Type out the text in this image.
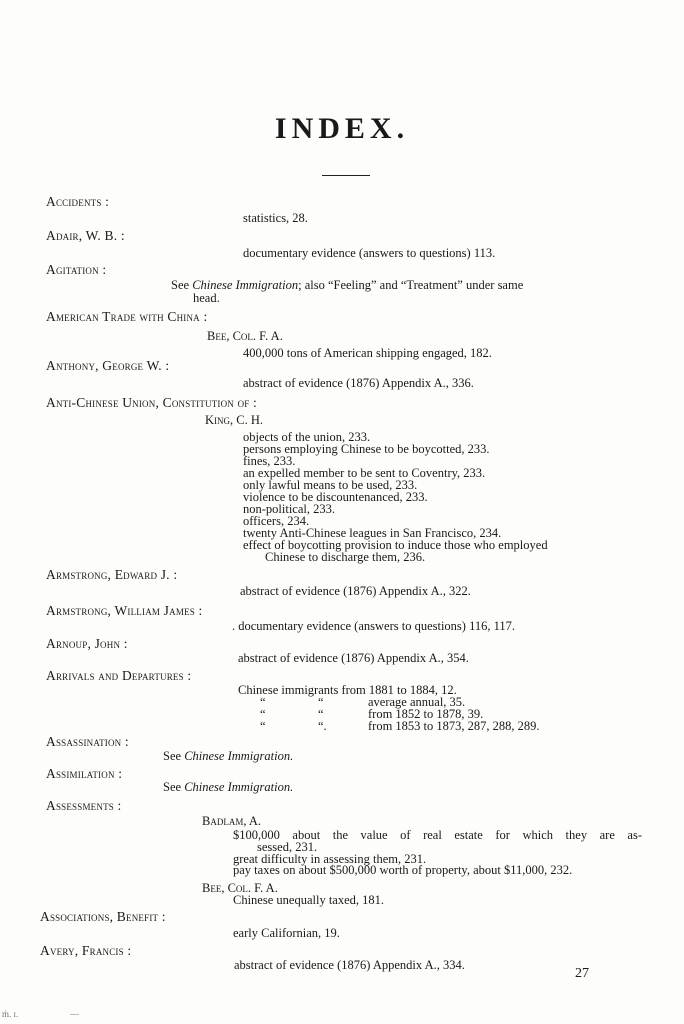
INDEX.
Accidents :
statistics, 28.
Adair, W. B. :
documentary evidence (answers to questions) 113.
Agitation :
See Chinese Immigration; also “Feeling” and “Treatment” under same
head.
American Trade with China :
Bee, Col. F. A.
400,000 tons of American shipping engaged, 182.
Anthony, George W. :
abstract of evidence (1876) Appendix A., 336.
Anti-Chinese Union, Constitution of :
King, C. H.
objects of the union, 233.
persons employing Chinese to be boycotted, 233.
fines, 233.
an expelled member to be sent to Coventry, 233.
only lawful means to be used, 233.
violence to be discountenanced, 233.
non-political, 233.
officers, 234.
twenty Anti-Chinese leagues in San Francisco, 234.
effect of boycotting provision to induce those who employed
Chinese to discharge them, 236.
Armstrong, Edward J. :
abstract of evidence (1876) Appendix A., 322.
Armstrong, William James :
. documentary evidence (answers to questions) 116, 117.
Arnoup, John :
abstract of evidence (1876) Appendix A., 354.
Arrivals and Departures :
Chinese immigrants from 1881 to 1884, 12.
“	“	average annual, 35.
“	“	from 1852 to 1878, 39.
“	“.	from 1853 to 1873, 287, 288, 289.
Assassination :
See Chinese Immigration.
Assimilation :
See Chinese Immigration.
Assessments :
Badlam, A.
$100,000 about the value of real estate for which they are as-
sessed, 231.
great difficulty in assessing them, 231.
pay taxes on about $500,000 worth of property, about $11,000, 232.
Bee, Col. F. A.
Chinese unequally taxed, 181.
Associations, Benefit :
early Californian, 19.
Avery, Francis :
abstract of evidence (1876) Appendix A., 334.
27
ṁ. ɪ.	—
